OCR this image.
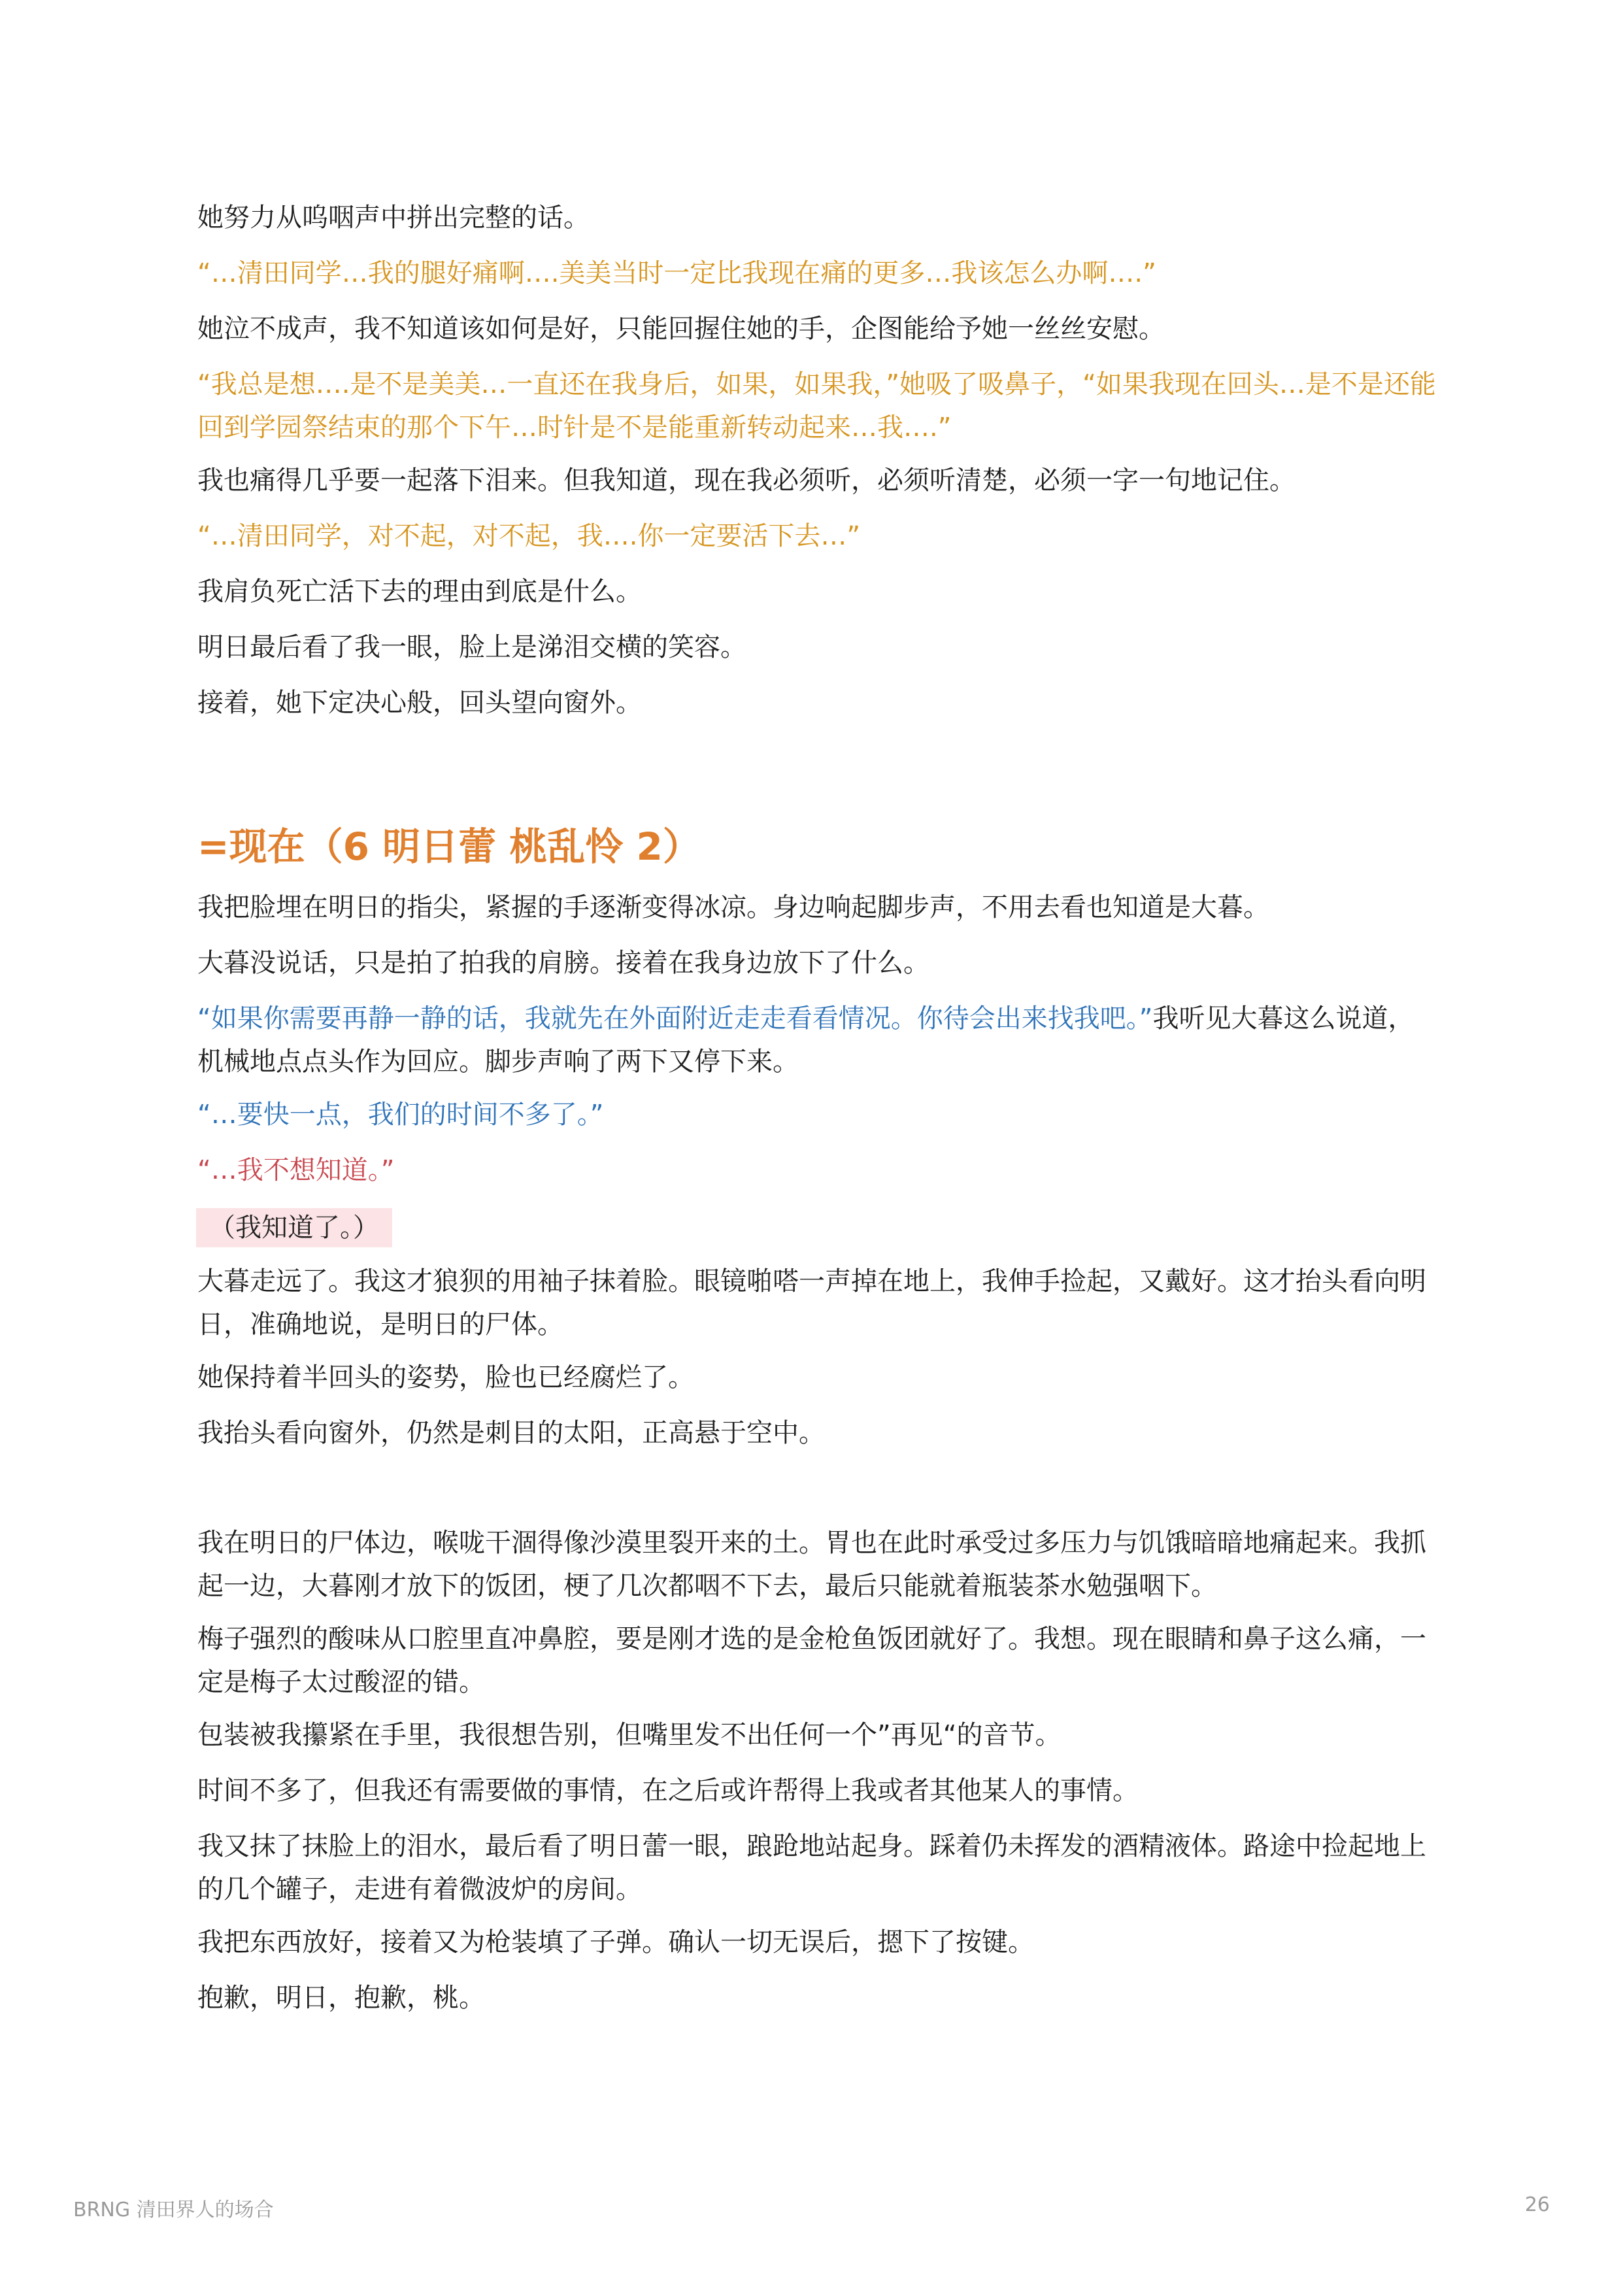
她努力从呜咽声中拼出完整的话。

“…清田同学…我的腿好痛啊….美美当时一定比我现在痛的更多…我该怎么办啊….”

她泣不成声，我不知道该如何是好，只能回握住她的手，企图能给予她一丝丝安慰。

“我总是想….是不是美美…一直还在我身后，如果，如果我，”她吸了吸鼻子，“如果我现在回头…是不是还能回到学园祭结束的那个下午…时针是不是能重新转动起来…我….”

我也痛得几乎要一起落下泪来。但我知道，现在我必须听，必须听清楚，必须一字一句地记住。

“…清田同学，对不起，对不起，我….你一定要活下去…”

我肩负死亡活下去的理由到底是什么。

明日最后看了我一眼，脸上是涕泪交横的笑容。

接着，她下定决心般，回头望向窗外。

=现在（6 明日蕾 桃乱怜 2）

我把脸埋在明日的指尖，紧握的手逐渐变得冰凉。身边响起脚步声，不用去看也知道是大暮。

大暮没说话，只是拍了拍我的肩膀。接着在我身边放下了什么。

“如果你需要再静一静的话，我就先在外面附近走走看看情况。你待会出来找我吧。”我听见大暮这么说道，机械地点点头作为回应。脚步声响了两下又停下来。

“…要快一点，我们的时间不多了。”

“…我不想知道。”

（我知道了。）

大暮走远了。我这才狼狈的用袖子抹着脸。眼镜啪嗒一声掉在地上，我伸手捡起，又戴好。这才抬头看向明日，准确地说，是明日的尸体。

她保持着半回头的姿势，脸也已经腐烂了。

我抬头看向窗外，仍然是刺目的太阳，正高悬于空中。

我在明日的尸体边，喉咙干涸得像沙漠里裂开来的土。胃也在此时承受过多压力与饥饿暗暗地痛起来。我抓起一边，大暮刚才放下的饭团，梗了几次都咽不下去，最后只能就着瓶装茶水勉强咽下。

梅子强烈的酸味从口腔里直冲鼻腔，要是刚才选的是金枪鱼饭团就好了。我想。现在眼睛和鼻子这么痛，一定是梅子太过酸涩的错。

包装被我攥紧在手里，我很想告别，但嘴里发不出任何一个”再见“的音节。

时间不多了，但我还有需要做的事情，在之后或许帮得上我或者其他某人的事情。

我又抹了抹脸上的泪水，最后看了明日蕾一眼，踉跄地站起身。踩着仍未挥发的酒精液体。路途中捡起地上的几个罐子，走进有着微波炉的房间。

我把东西放好，接着又为枪装填了子弹。确认一切无误后，摁下了按键。

抱歉，明日，抱歉，桃。

BRNG 清田界人的场合	26
